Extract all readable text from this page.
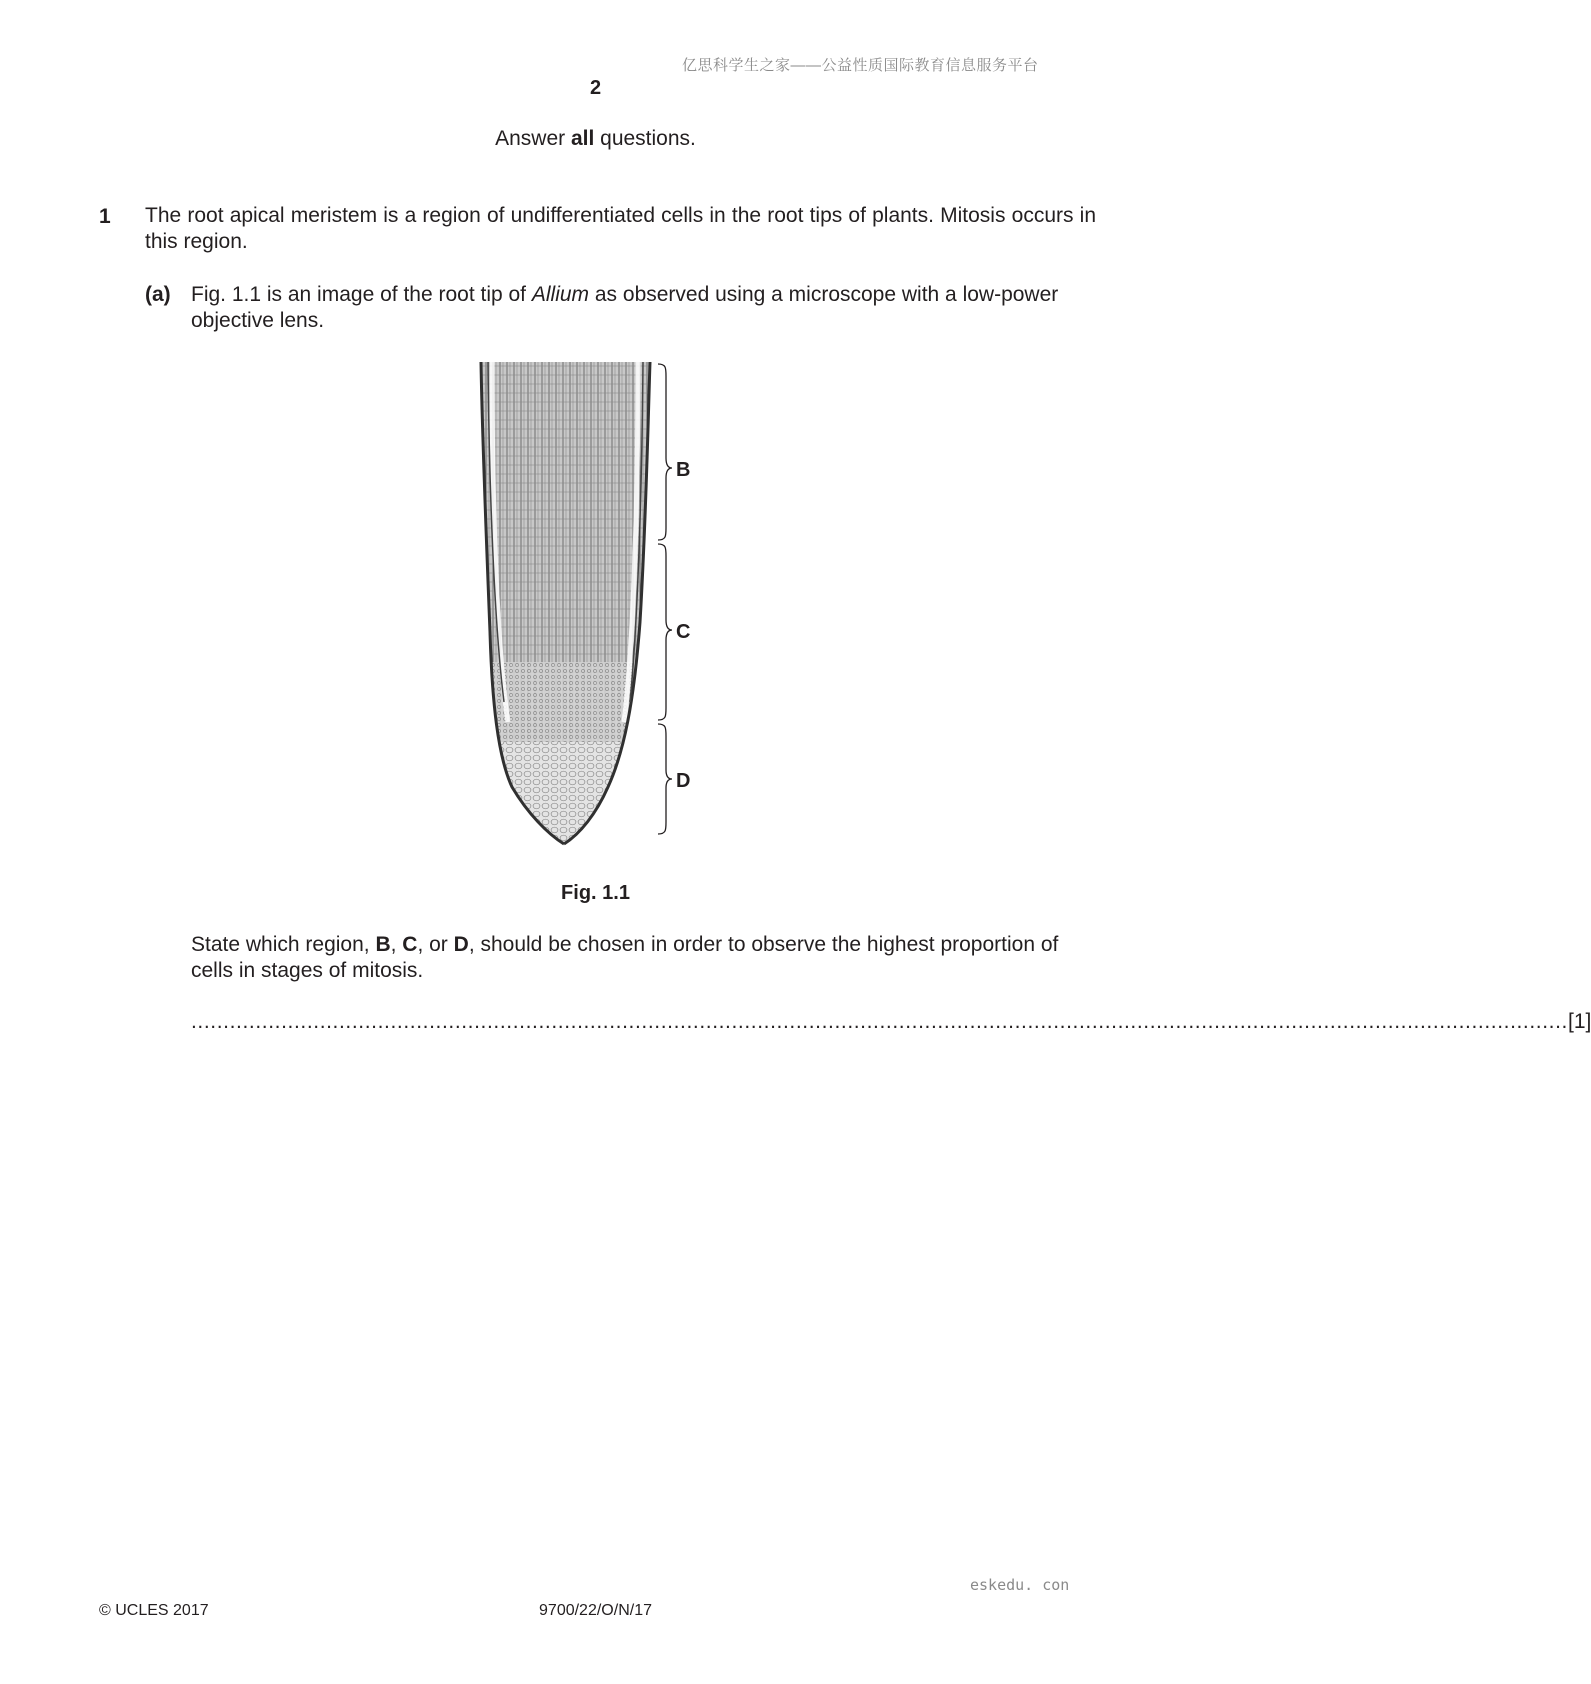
亿思科学生之家——公益性质国际教育信息服务平台
2
Answer all questions.
1 The root apical meristem is a region of undifferentiated cells in the root tips of plants. Mitosis occurs in this region.
(a) Fig. 1.1 is an image of the root tip of Allium as observed using a microscope with a low-power objective lens.
B
C
D
Fig. 1.1
State which region, B, C, or D, should be chosen in order to observe the highest proportion of cells in stages of mitosis.
...................................................................................................................................................................................................................... [1]
eskedu. con
© UCLES 2017	9700/22/O/N/17
